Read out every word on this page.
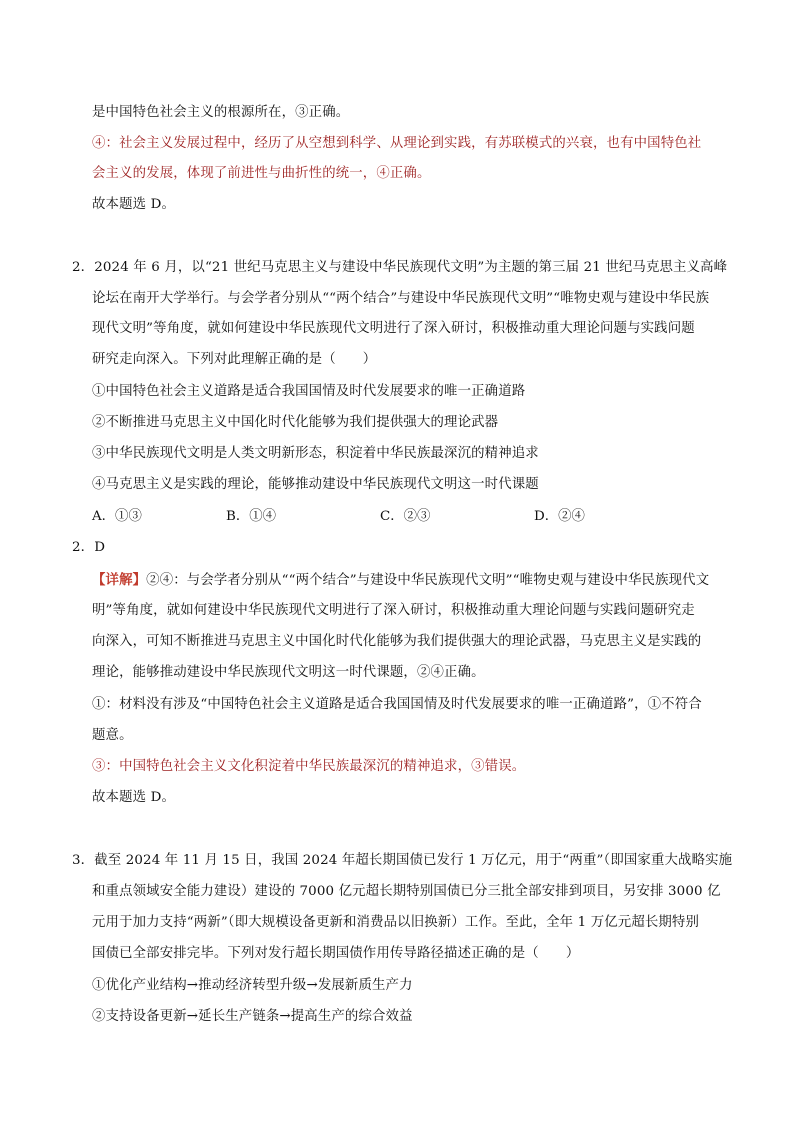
是中国特色社会主义的根源所在，③正确。
④：社会主义发展过程中，经历了从空想到科学、从理论到实践，有苏联模式的兴衰，也有中国特色社
会主义的发展，体现了前进性与曲折性的统一，④正确。
故本题选 D。
2．2024 年 6 月，以“21 世纪马克思主义与建设中华民族现代文明”为主题的第三届 21 世纪马克思主义高峰
论坛在南开大学举行。与会学者分别从““两个结合”与建设中华民族现代文明”“唯物史观与建设中华民族
现代文明”等角度，就如何建设中华民族现代文明进行了深入研讨，积极推动重大理论问题与实践问题
研究走向深入。下列对此理解正确的是（　　）
①中国特色社会主义道路是适合我国国情及时代发展要求的唯一正确道路
②不断推进马克思主义中国化时代化能够为我们提供强大的理论武器
③中华民族现代文明是人类文明新形态，积淀着中华民族最深沉的精神追求
④马克思主义是实践的理论，能够推动建设中华民族现代文明这一时代课题
A．①③	B．①④	C．②③	D．②④
2．D
【详解】②④：与会学者分别从““两个结合”与建设中华民族现代文明”“唯物史观与建设中华民族现代文
明”等角度，就如何建设中华民族现代文明进行了深入研讨，积极推动重大理论问题与实践问题研究走
向深入，可知不断推进马克思主义中国化时代化能够为我们提供强大的理论武器，马克思主义是实践的
理论，能够推动建设中华民族现代文明这一时代课题，②④正确。
①：材料没有涉及“中国特色社会主义道路是适合我国国情及时代发展要求的唯一正确道路”，①不符合
题意。
③：中国特色社会主义文化积淀着中华民族最深沉的精神追求，③错误。
故本题选 D。
3．截至 2024 年 11 月 15 日，我国 2024 年超长期国债已发行 1 万亿元，用于“两重”（即国家重大战略实施
和重点领域安全能力建设）建设的 7000 亿元超长期特别国债已分三批全部安排到项目，另安排 3000 亿
元用于加力支持“两新”（即大规模设备更新和消费品以旧换新）工作。至此，全年 1 万亿元超长期特别
国债已全部安排完毕。下列对发行超长期国债作用传导路径描述正确的是（　　）
①优化产业结构→推动经济转型升级→发展新质生产力
②支持设备更新→延长生产链条→提高生产的综合效益
